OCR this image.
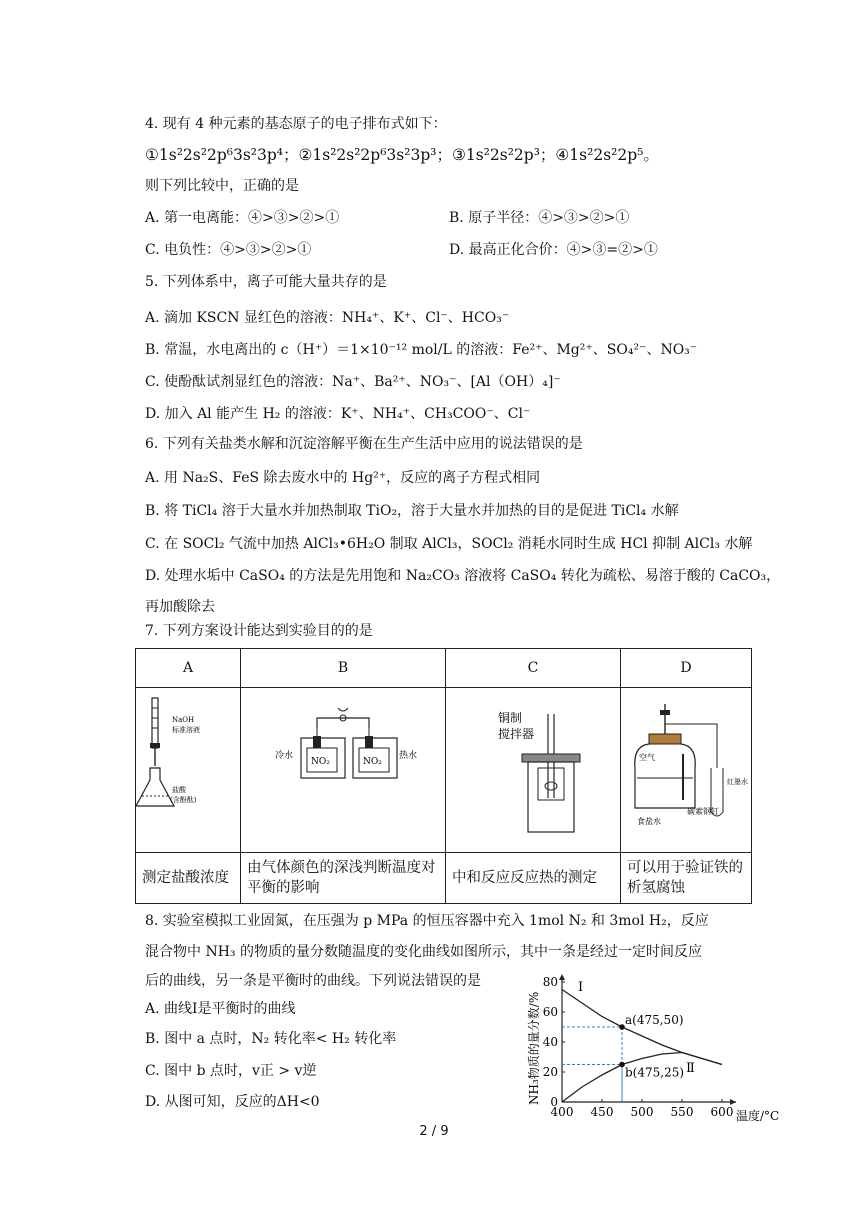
4. 现有 4 种元素的基态原子的电子排布式如下：
①1s²2s²2p⁶3s²3p⁴；②1s²2s²2p⁶3s²3p³；③1s²2s²2p³；④1s²2s²2p⁵。
则下列比较中，正确的是
A. 第一电离能：④>③>②>①	B. 原子半径：④>③>②>①
C. 电负性：④>③>②>①	D. 最高正化合价：④>③=②>①
5. 下列体系中，离子可能大量共存的是
A. 滴加 KSCN 显红色的溶液：NH₄⁺、K⁺、Cl⁻、HCO₃⁻
B. 常温，水电离出的 c（H⁺）＝1×10⁻¹² mol/L 的溶液：Fe²⁺、Mg²⁺、SO₄²⁻、NO₃⁻
C. 使酚酞试剂显红色的溶液：Na⁺、Ba²⁺、NO₃⁻、[Al（OH）₄]⁻
D. 加入 Al 能产生 H₂ 的溶液：K⁺、NH₄⁺、CH₃COO⁻、Cl⁻
6. 下列有关盐类水解和沉淀溶解平衡在生产生活中应用的说法错误的是
A. 用 Na₂S、FeS 除去废水中的 Hg²⁺，反应的离子方程式相同
B. 将 TiCl₄ 溶于大量水并加热制取 TiO₂，溶于大量水并加热的目的是促进 TiCl₄ 水解
C. 在 SOCl₂ 气流中加热 AlCl₃•6H₂O 制取 AlCl₃，SOCl₂ 消耗水同时生成 HCl 抑制 AlCl₃ 水解
D. 处理水垢中 CaSO₄ 的方法是先用饱和 Na₂CO₃ 溶液将 CaSO₄ 转化为疏松、易溶于酸的 CaCO₃，
再加酸除去
7. 下列方案设计能达到实验目的的是
A	B	C	D

NaOH
标准溶液
盐酸
(含酚酞)	NO₂ NO₂
冷水 热水	铜制
搅拌器	空气
食盐水
碳素钢钉
红墨水

测定盐酸浓度	由气体颜色的深浅判断温度对平衡的影响	中和反应反应热的测定	可以用于验证铁的析氢腐蚀
8. 实验室模拟工业固氮，在压强为 p MPa 的恒压容器中充入 1mol N₂ 和 3mol H₂，反应
混合物中 NH₃ 的物质的量分数随温度的变化曲线如图所示，其中一条是经过一定时间反应
后的曲线，另一条是平衡时的曲线。下列说法错误的是
A. 曲线Ⅰ是平衡时的曲线
B. 图中 a 点时，N₂ 转化率< H₂ 转化率
C. 图中 b 点时，v正 > v逆
D. 从图可知，反应的ΔH<0	NH₃物质的量分数/%
温度/°C
400 450 500 550 600
0
20
40
60
80 Ⅰ
Ⅱ
a(475,50)
b(475,25)
2 / 9
